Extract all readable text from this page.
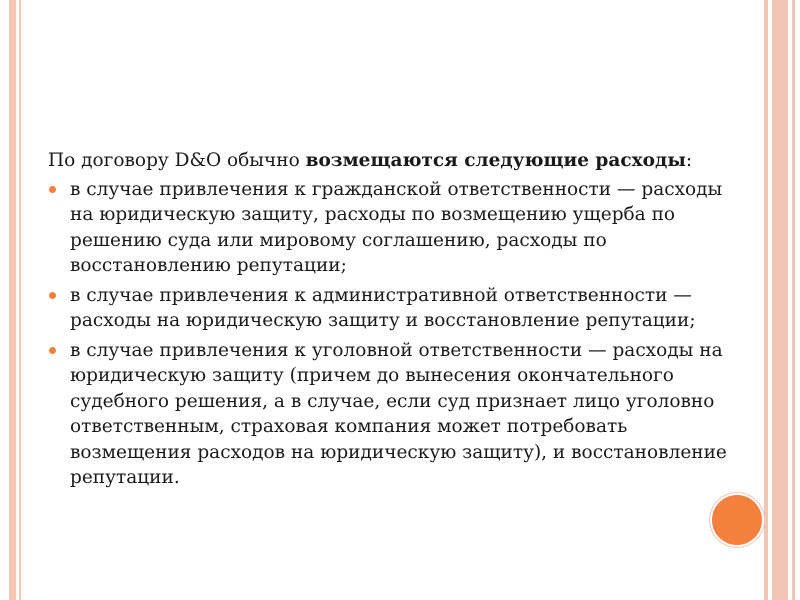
По договору D&O обычно возмещаются следующие расходы:

в случае привлечения к гражданской ответственности — расходы на юридическую защиту, расходы по возмещению ущерба по решению суда или мировому соглашению, расходы по восстановлению репутации;
в случае привлечения к административной ответственности — расходы на юридическую защиту и восстановление репутации;
в случае привлечения к уголовной ответственности — расходы на юридическую защиту (причем до вынесения окончательного судебного решения, а в случае, если суд признает лицо уголовно ответственным, страховая компания может потребовать возмещения расходов на юридическую защиту), и восстановление репутации.
